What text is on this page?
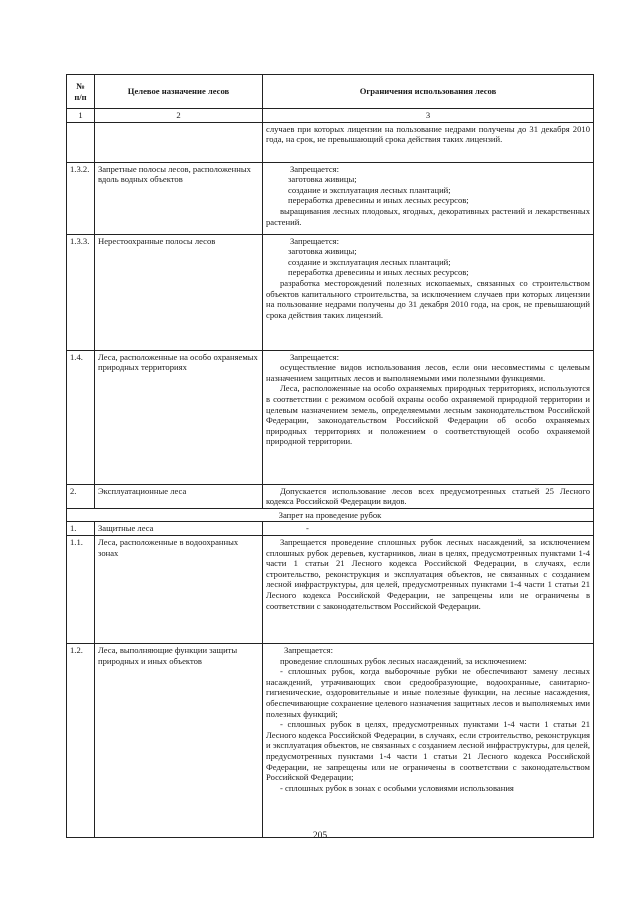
№
п/п	Целевое назначение лесов	Ограничения использования лесов
1	2	3

		случаев при которых лицензии на пользование недрами получены до 31 декабря 2010 года, на срок, не превышающий срока действия таких лицензий.

1.3.2.	Запретные полосы лесов, расположенных вдоль водных объектов	Запрещается:

заготовка живицы;

создание и эксплуатация лесных плантаций;

переработка древесины и иных лесных ресурсов;

выращивания лесных плодовых, ягодных, декоративных растений и лекарственных растений.

1.3.3.	Нерестоохранные полосы лесов	Запрещается:

заготовка живицы;

создание и эксплуатация лесных плантаций;

переработка древесины и иных лесных ресурсов;

разработка месторождений полезных ископаемых, связанных со строительством объектов капитального строительства, за исключением случаев при которых лицензии на пользование недрами получены до 31 декабря 2010 года, на срок, не превышающий срока действия таких лицензий.

1.4.	Леса, расположенные на особо охраняемых природных территориях	Запрещается:

осуществление видов использования лесов, если они несовместимы с целевым назначением защитных лесов и выполняемыми ими полезными функциями.

Леса, расположенные на особо охраняемых природных территориях, используются в соответствии с режимом особой охраны особо охраняемой природной территории и целевым назначением земель, определяемыми лесным законодательством Российской Федерации, законодательством Российской Федерации об особо охраняемых природных территориях и положением о соответствующей особо охраняемой природной территории.

2.	Эксплуатационные леса	Допускается использование лесов всех предусмотренных статьей 25 Лесного кодекса Российской Федерации видов.

Запрет на проведение рубок		
1.	Защитные леса	-

1.1.	Леса, расположенные в водоохранных зонах	Запрещается проведение сплошных рубок лесных насаждений, за исключением сплошных рубок деревьев, кустарников, лиан в целях, предусмотренных пунктами 1-4 части 1 статьи 21 Лесного кодекса Российской Федерации, в случаях, если строительство, реконструкция и эксплуатация объектов, не связанных с созданием лесной инфраструктуры, для целей, предусмотренных пунктами 1-4 части 1 статьи 21 Лесного кодекса Российской Федерации, не запрещены или не ограничены в соответствии с законодательством Российской Федерации.

1.2.	Леса, выполняющие функции защиты природных и иных объектов	Запрещается:

проведение сплошных рубок лесных насаждений, за исключением:

- сплошных рубок, когда выборочные рубки не обеспечивают замену лесных насаждений, утрачивающих свои средообразующие, водоохранные, санитарно-гигиенические, оздоровительные и иные полезные функции, на лесные насаждения, обеспечивающие сохранение целевого назначения защитных лесов и выполняемых ими полезных функций;

- сплошных рубок в целях, предусмотренных пунктами 1-4 части 1 статьи 21 Лесного кодекса Российской Федерации, в случаях, если строительство, реконструкция и эксплуатация объектов, не связанных с созданием лесной инфраструктуры, для целей, предусмотренных пунктами 1-4 части 1 статьи 21 Лесного кодекса Российской Федерации, не запрещены или не ограничены в соответствии с законодательством Российской Федерации;

- сплошных рубок в зонах с особыми условиями использования

205
